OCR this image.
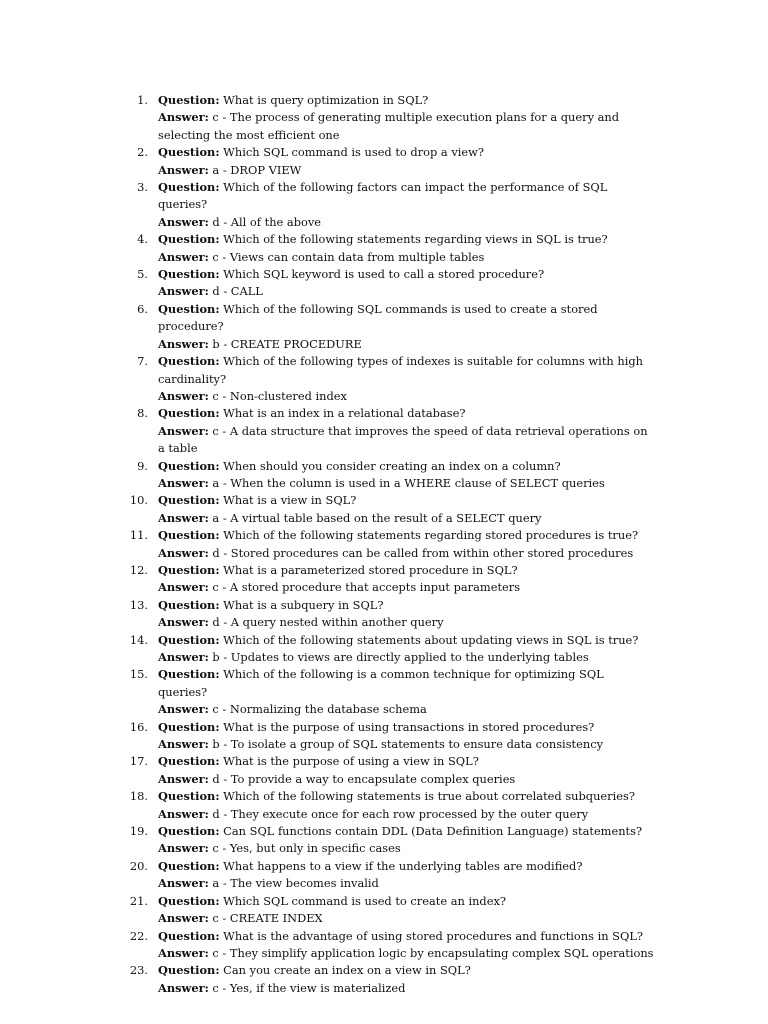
1. Question: What is query optimization in SQL?
Answer: c - The process of generating multiple execution plans for a query and selecting the most efficient one
2. Question: Which SQL command is used to drop a view?
Answer: a - DROP VIEW
3. Question: Which of the following factors can impact the performance of SQL queries?
Answer: d - All of the above
4. Question: Which of the following statements regarding views in SQL is true?
Answer: c - Views can contain data from multiple tables
5. Question: Which SQL keyword is used to call a stored procedure?
Answer: d - CALL
6. Question: Which of the following SQL commands is used to create a stored procedure?
Answer: b - CREATE PROCEDURE
7. Question: Which of the following types of indexes is suitable for columns with high cardinality?
Answer: c - Non-clustered index
8. Question: What is an index in a relational database?
Answer: c - A data structure that improves the speed of data retrieval operations on a table
9. Question: When should you consider creating an index on a column?
Answer: a - When the column is used in a WHERE clause of SELECT queries
10. Question: What is a view in SQL?
Answer: a - A virtual table based on the result of a SELECT query
11. Question: Which of the following statements regarding stored procedures is true?
Answer: d - Stored procedures can be called from within other stored procedures
12. Question: What is a parameterized stored procedure in SQL?
Answer: c - A stored procedure that accepts input parameters
13. Question: What is a subquery in SQL?
Answer: d - A query nested within another query
14. Question: Which of the following statements about updating views in SQL is true?
Answer: b - Updates to views are directly applied to the underlying tables
15. Question: Which of the following is a common technique for optimizing SQL queries?
Answer: c - Normalizing the database schema
16. Question: What is the purpose of using transactions in stored procedures?
Answer: b - To isolate a group of SQL statements to ensure data consistency
17. Question: What is the purpose of using a view in SQL?
Answer: d - To provide a way to encapsulate complex queries
18. Question: Which of the following statements is true about correlated subqueries?
Answer: d - They execute once for each row processed by the outer query
19. Question: Can SQL functions contain DDL (Data Definition Language) statements?
Answer: c - Yes, but only in specific cases
20. Question: What happens to a view if the underlying tables are modified?
Answer: a - The view becomes invalid
21. Question: Which SQL command is used to create an index?
Answer: c - CREATE INDEX
22. Question: What is the advantage of using stored procedures and functions in SQL?
Answer: c - They simplify application logic by encapsulating complex SQL operations
23. Question: Can you create an index on a view in SQL?
Answer: c - Yes, if the view is materialized
